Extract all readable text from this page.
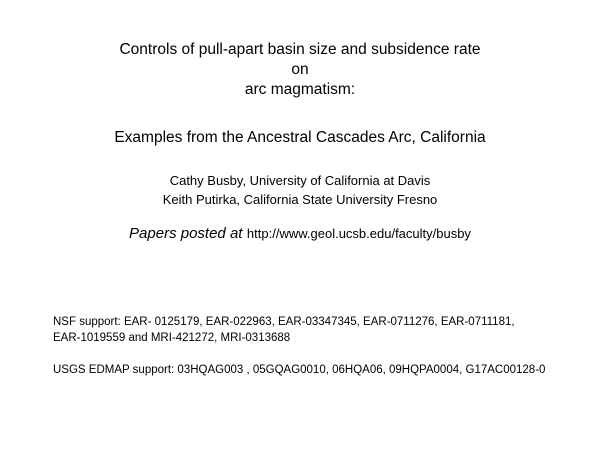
Controls of pull-apart basin size and subsidence rate
on
arc magmatism:
Examples from the Ancestral Cascades Arc, California
Cathy Busby, University of California at Davis
Keith Putirka, California State University Fresno
Papers posted at http://www.geol.ucsb.edu/faculty/busby
NSF support: EAR- 0125179, EAR-022963, EAR-03347345, EAR-0711276, EAR-0711181,
EAR-1019559 and MRI-421272, MRI-0313688
USGS EDMAP support: 03HQAG003 , 05GQAG0010, 06HQA06, 09HQPA0004, G17AC00128-0
